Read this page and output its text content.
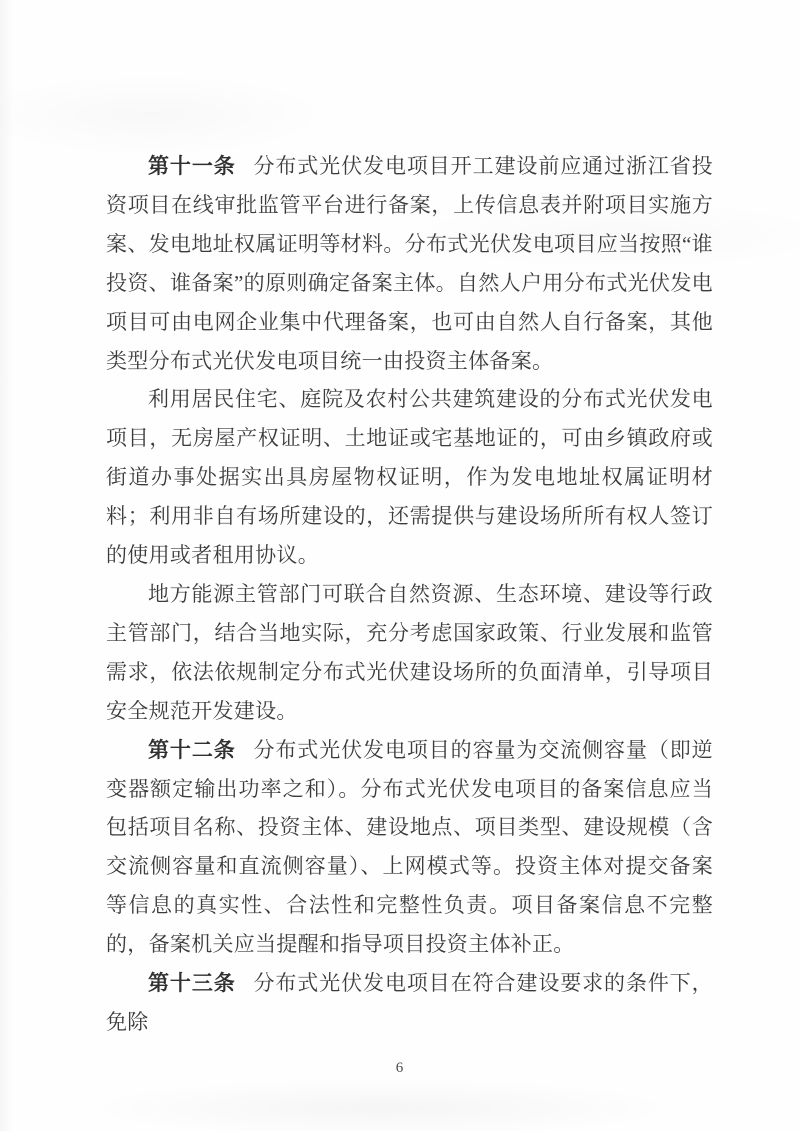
第十一条 分布式光伏发电项目开工建设前应通过浙江省投资项目在线审批监管平台进行备案，上传信息表并附项目实施方案、发电地址权属证明等材料。分布式光伏发电项目应当按照“谁投资、谁备案”的原则确定备案主体。自然人户用分布式光伏发电项目可由电网企业集中代理备案，也可由自然人自行备案，其他类型分布式光伏发电项目统一由投资主体备案。

利用居民住宅、庭院及农村公共建筑建设的分布式光伏发电项目，无房屋产权证明、土地证或宅基地证的，可由乡镇政府或街道办事处据实出具房屋物权证明，作为发电地址权属证明材料；利用非自有场所建设的，还需提供与建设场所所有权人签订的使用或者租用协议。

地方能源主管部门可联合自然资源、生态环境、建设等行政主管部门，结合当地实际，充分考虑国家政策、行业发展和监管需求，依法依规制定分布式光伏建设场所的负面清单，引导项目安全规范开发建设。

第十二条 分布式光伏发电项目的容量为交流侧容量（即逆变器额定输出功率之和）。分布式光伏发电项目的备案信息应当包括项目名称、投资主体、建设地点、项目类型、建设规模（含交流侧容量和直流侧容量）、上网模式等。投资主体对提交备案等信息的真实性、合法性和完整性负责。项目备案信息不完整的，备案机关应当提醒和指导项目投资主体补正。

第十三条 分布式光伏发电项目在符合建设要求的条件下，免除

6
